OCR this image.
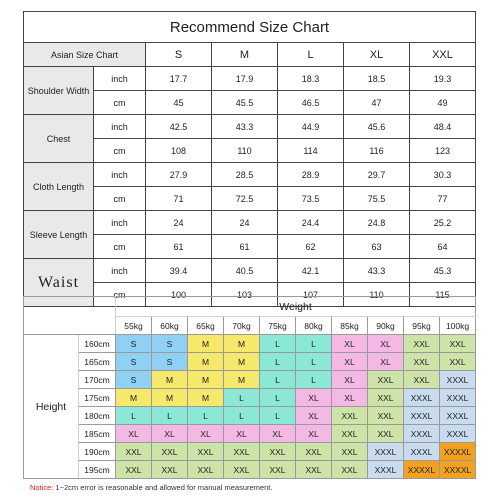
Recommend Size Chart						
Asian Size Chart		S	M	L	XL	XXL
Shoulder Width	inch	17.7	17.9	18.3	18.5	19.3
	cm	45	45.5	46.5	47	49
Chest	inch	42.5	43.3	44.9	45.6	48.4
	cm	108	110	114	116	123
Cloth Length	inch	27.9	28.5	28.9	29.7	30.3
	cm	71	72.5	73.5	75.5	77
Sleeve Length	inch	24	24	24.4	24.8	25.2
	cm	61	61	62	63	64
Waist	inch	39.4	40.5	42.1	43.3	45.3
	cm	100	103	107	110	115
		Weight									
		55kg	60kg	65kg	70kg	75kg	80kg	85kg	90kg	95kg	100kg
Height	160cm	S	S	M	M	L	L	XL	XL	XXL	XXL
	165cm	S	S	M	M	L	L	XL	XL	XXL	XXL
	170cm	S	M	M	M	L	L	XL	XXL	XXL	XXXL
	175cm	M	M	M	L	L	XL	XL	XXL	XXXL	XXXL
	180cm	L	L	L	L	L	XL	XXL	XXL	XXXL	XXXL
	185cm	XL	XL	XL	XL	XL	XL	XXL	XXL	XXXL	XXXL
	190cm	XXL	XXL	XXL	XXL	XXL	XXL	XXL	XXXL	XXXL	XXXXL
	195cm	XXL	XXL	XXL	XXL	XXL	XXL	XXL	XXXL	XXXXL	XXXXL
Notice: 1~2cm error is reasonable and allowed for manual measurement.
